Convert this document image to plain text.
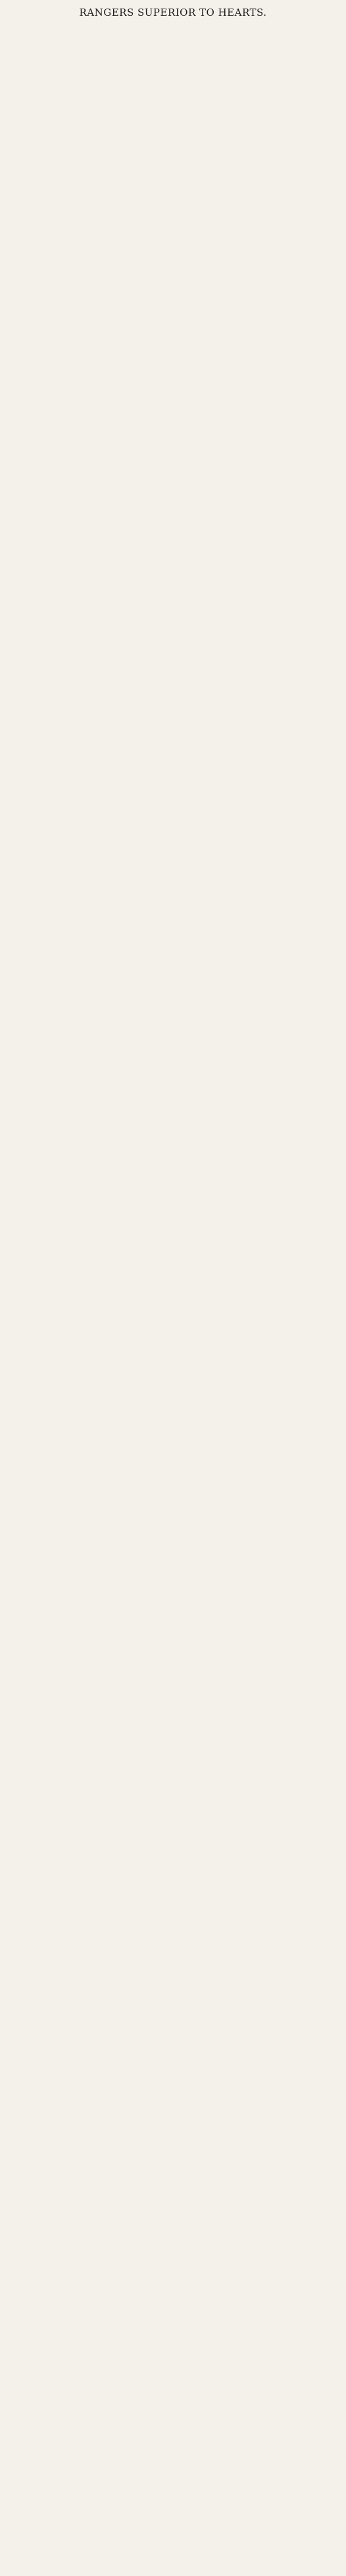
RANGERS SUPERIOR TO HEARTS.
